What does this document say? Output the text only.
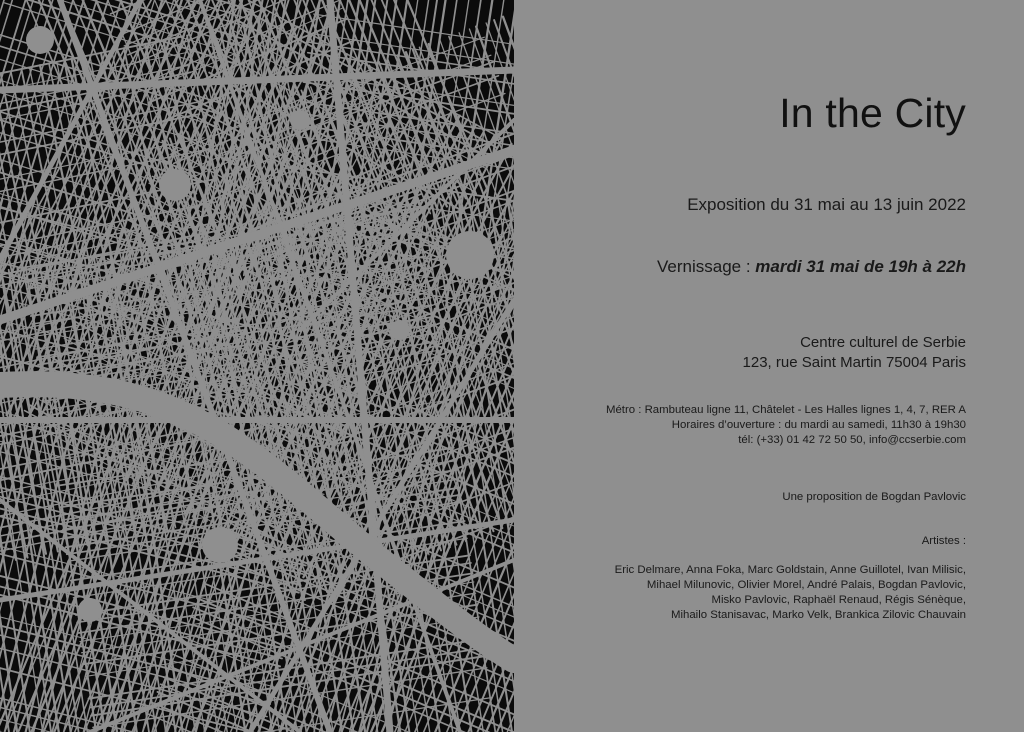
In the City
Exposition du 31 mai au 13 juin 2022
Vernissage : mardi 31 mai de 19h à 22h
Centre culturel de Serbie
123, rue Saint Martin 75004 Paris
Métro : Rambuteau ligne 11, Châtelet - Les Halles lignes 1, 4, 7, RER A
Horaires d’ouverture : du mardi au samedi, 11h30 à 19h30
tél: (+33) 01 42 72 50 50, info@ccserbie.com
Une proposition de Bogdan Pavlovic
Artistes :
Eric Delmare, Anna Foka, Marc Goldstain, Anne Guillotel, Ivan Milisic,
Mihael Milunovic, Olivier Morel, André Palais, Bogdan Pavlovic,
Misko Pavlovic, Raphaël Renaud, Régis Sénèque,
Mihailo Stanisavac, Marko Velk, Brankica Zilovic Chauvain
